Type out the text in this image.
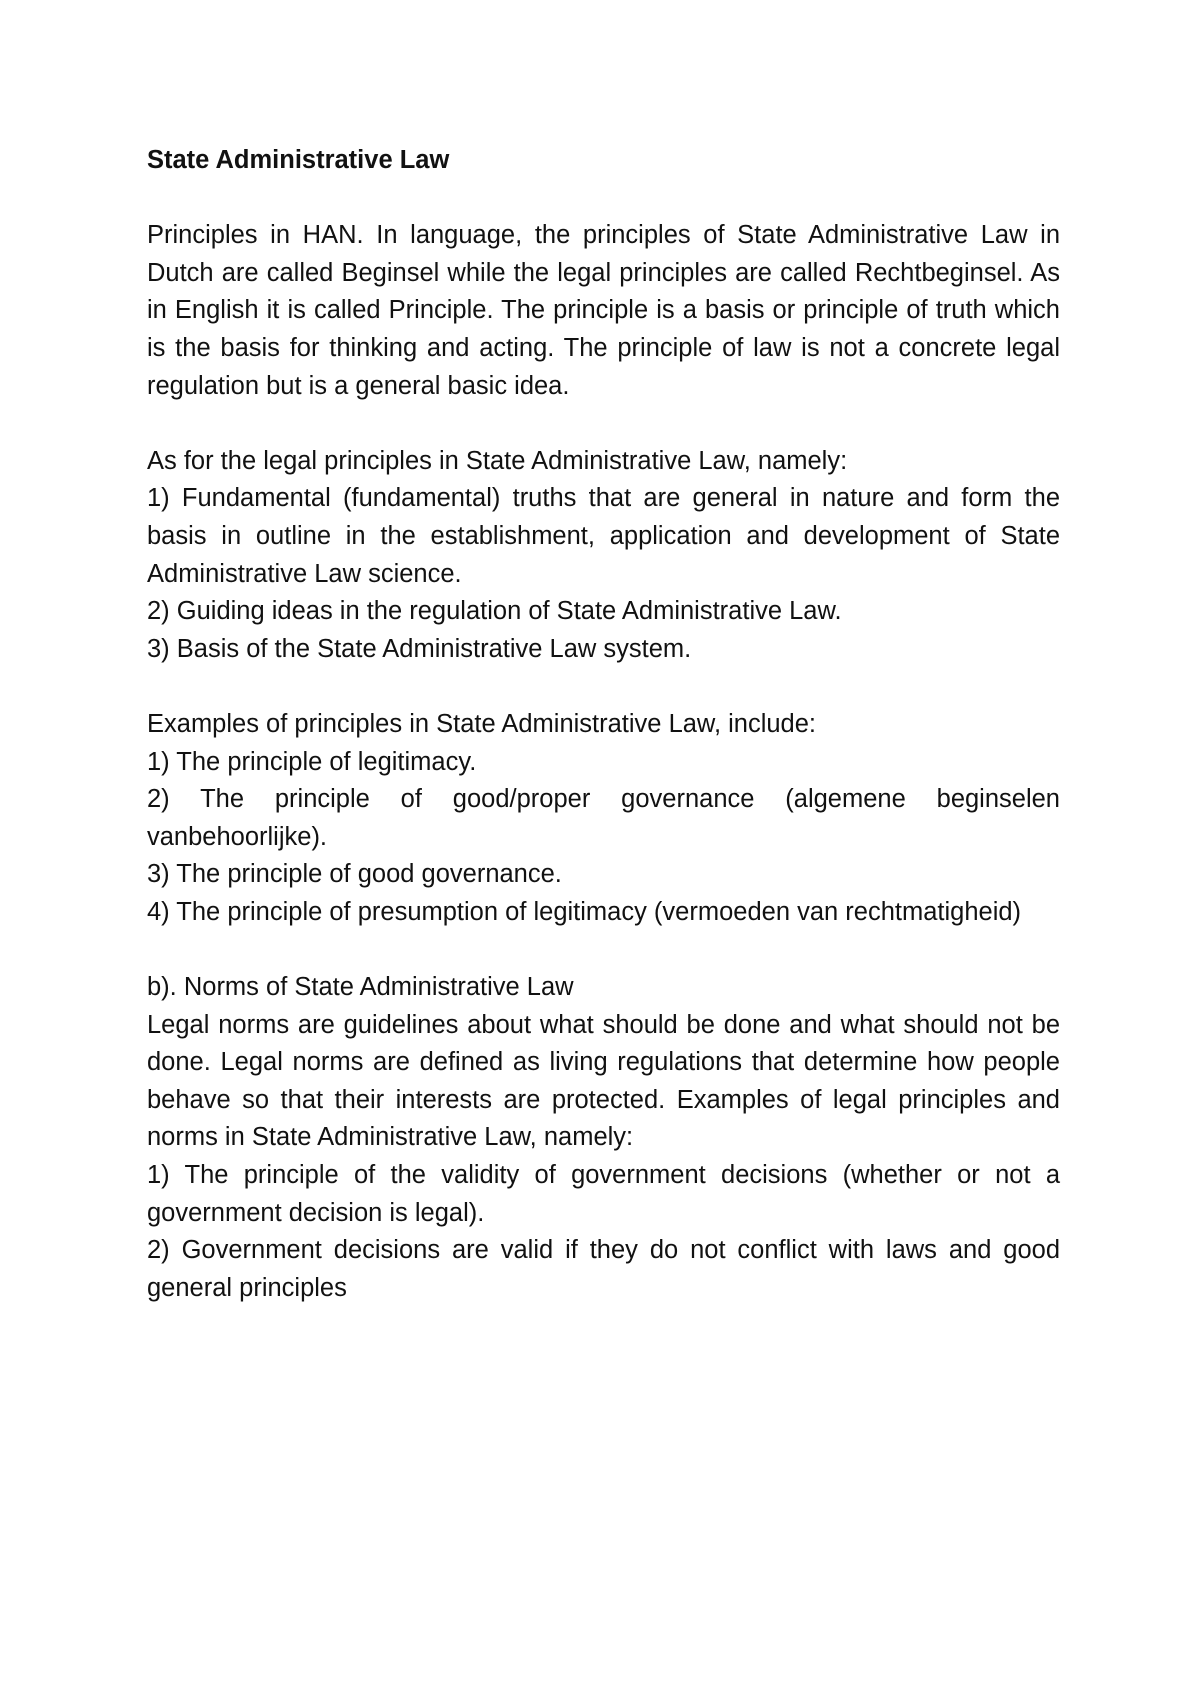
State Administrative Law

Principles in HAN. In language, the principles of State Administrative Law in Dutch are called Beginsel while the legal principles are called Rechtbeginsel. As in English it is called Principle. The principle is a basis or principle of truth which is the basis for thinking and acting. The principle of law is not a concrete legal regulation but is a general basic idea.

As for the legal principles in State Administrative Law, namely:

1) Fundamental (fundamental) truths that are general in nature and form the basis in outline in the establishment, application and development of State Administrative Law science.

2) Guiding ideas in the regulation of State Administrative Law.

3) Basis of the State Administrative Law system.

Examples of principles in State Administrative Law, include:

1) The principle of legitimacy.

2) The principle of good/proper governance (algemene beginselen vanbehoorlijke).

3) The principle of good governance.

4) The principle of presumption of legitimacy (vermoeden van rechtmatigheid)

b). Norms of State Administrative Law

Legal norms are guidelines about what should be done and what should not be done. Legal norms are defined as living regulations that determine how people behave so that their interests are protected. Examples of legal principles and norms in State Administrative Law, namely:

1) The principle of the validity of government decisions (whether or not a government decision is legal).

2) Government decisions are valid if they do not conflict with laws and good general principles
